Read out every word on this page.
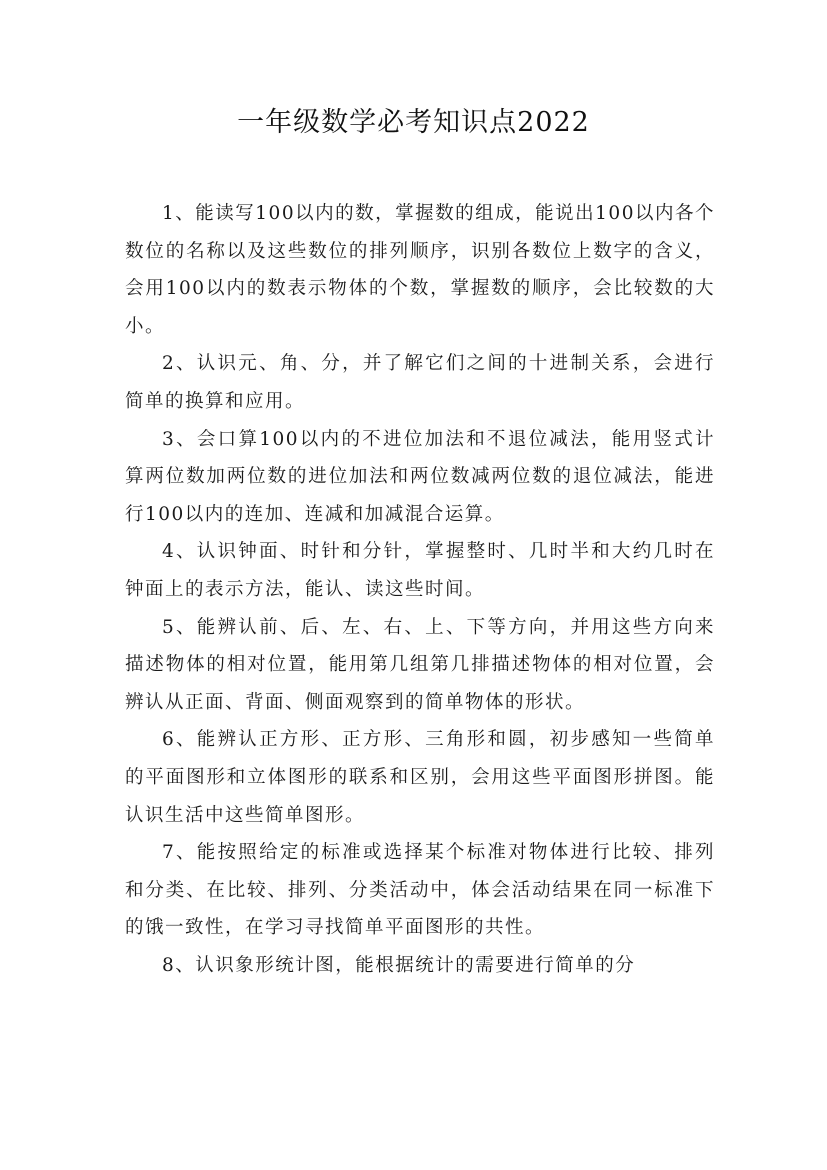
一年级数学必考知识点2022

1、能读写100以内的数，掌握数的组成，能说出100以内各个数位的名称以及这些数位的排列顺序，识别各数位上数字的含义，会用100以内的数表示物体的个数，掌握数的顺序，会比较数的大小。

2、认识元、角、分，并了解它们之间的十进制关系，会进行简单的换算和应用。

3、会口算100以内的不进位加法和不退位减法，能用竖式计算两位数加两位数的进位加法和两位数减两位数的退位减法，能进行100以内的连加、连减和加减混合运算。

4、认识钟面、时针和分针，掌握整时、几时半和大约几时在钟面上的表示方法，能认、读这些时间。

5、能辨认前、后、左、右、上、下等方向，并用这些方向来描述物体的相对位置，能用第几组第几排描述物体的相对位置，会辨认从正面、背面、侧面观察到的简单物体的形状。

6、能辨认正方形、正方形、三角形和圆，初步感知一些简单的平面图形和立体图形的联系和区别，会用这些平面图形拼图。能认识生活中这些简单图形。

7、能按照给定的标准或选择某个标准对物体进行比较、排列和分类、在比较、排列、分类活动中，体会活动结果在同一标准下的饿一致性，在学习寻找简单平面图形的共性。

8、认识象形统计图，能根据统计的需要进行简单的分
